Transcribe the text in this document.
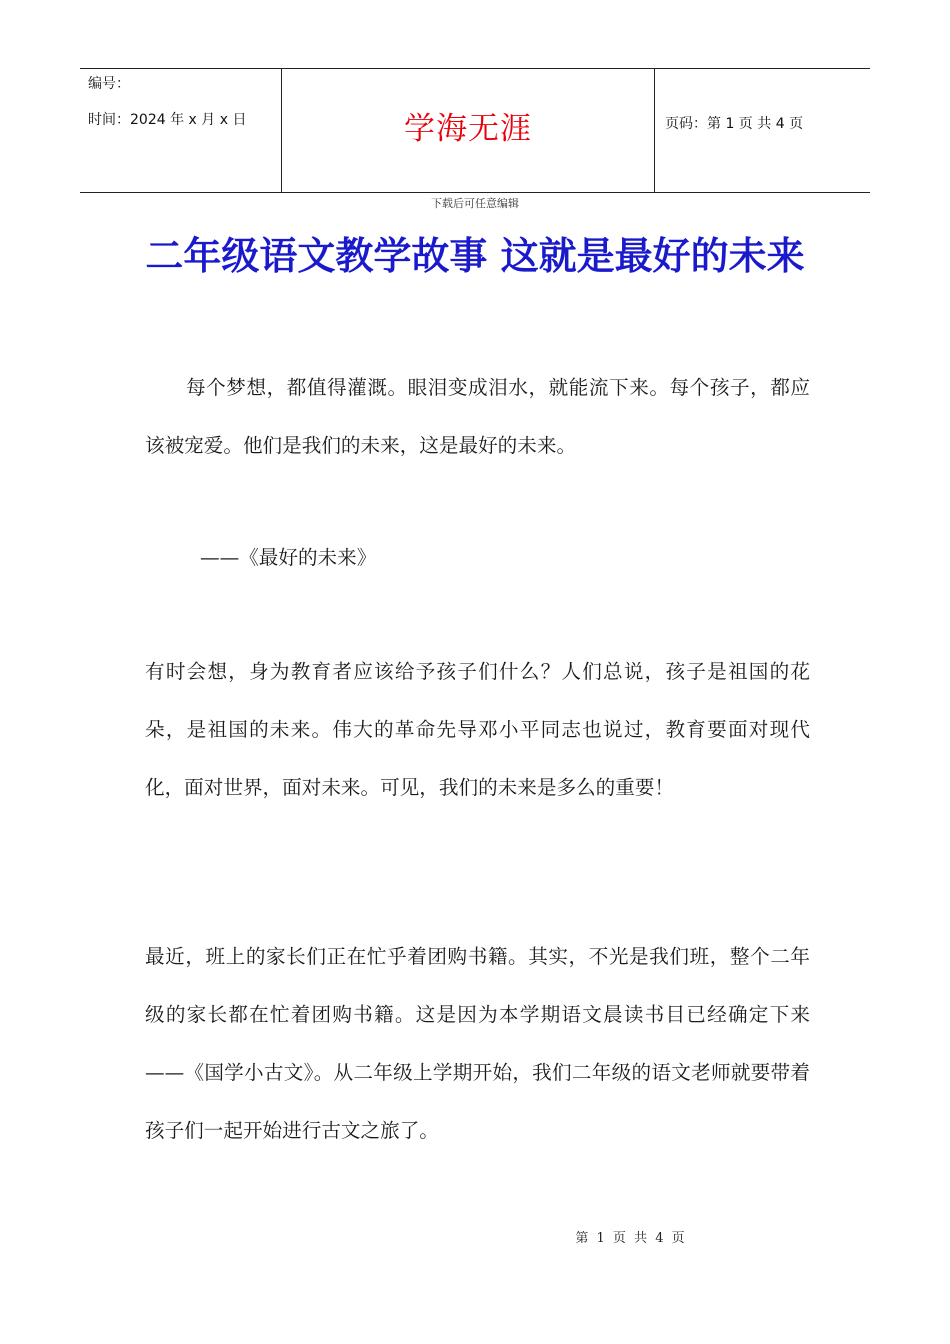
编号：
时间：2024 年 x 月 x 日	学海无涯	页码：第 1 页 共 4 页
下载后可任意编辑
二年级语文教学故事 这就是最好的未来
每个梦想，都值得灌溉。眼泪变成泪水，就能流下来。每个孩子，都应该被宠爱。他们是我们的未来，这是最好的未来。
——《最好的未来》
有时会想，身为教育者应该给予孩子们什么？人们总说，孩子是祖国的花朵，是祖国的未来。伟大的革命先导邓小平同志也说过，教育要面对现代化，面对世界，面对未来。可见，我们的未来是多么的重要！
最近，班上的家长们正在忙乎着团购书籍。其实，不光是我们班，整个二年级的家长都在忙着团购书籍。这是因为本学期语文晨读书目已经确定下来——《国学小古文》。从二年级上学期开始，我们二年级的语文老师就要带着孩子们一起开始进行古文之旅了。
第 1 页 共 4 页
